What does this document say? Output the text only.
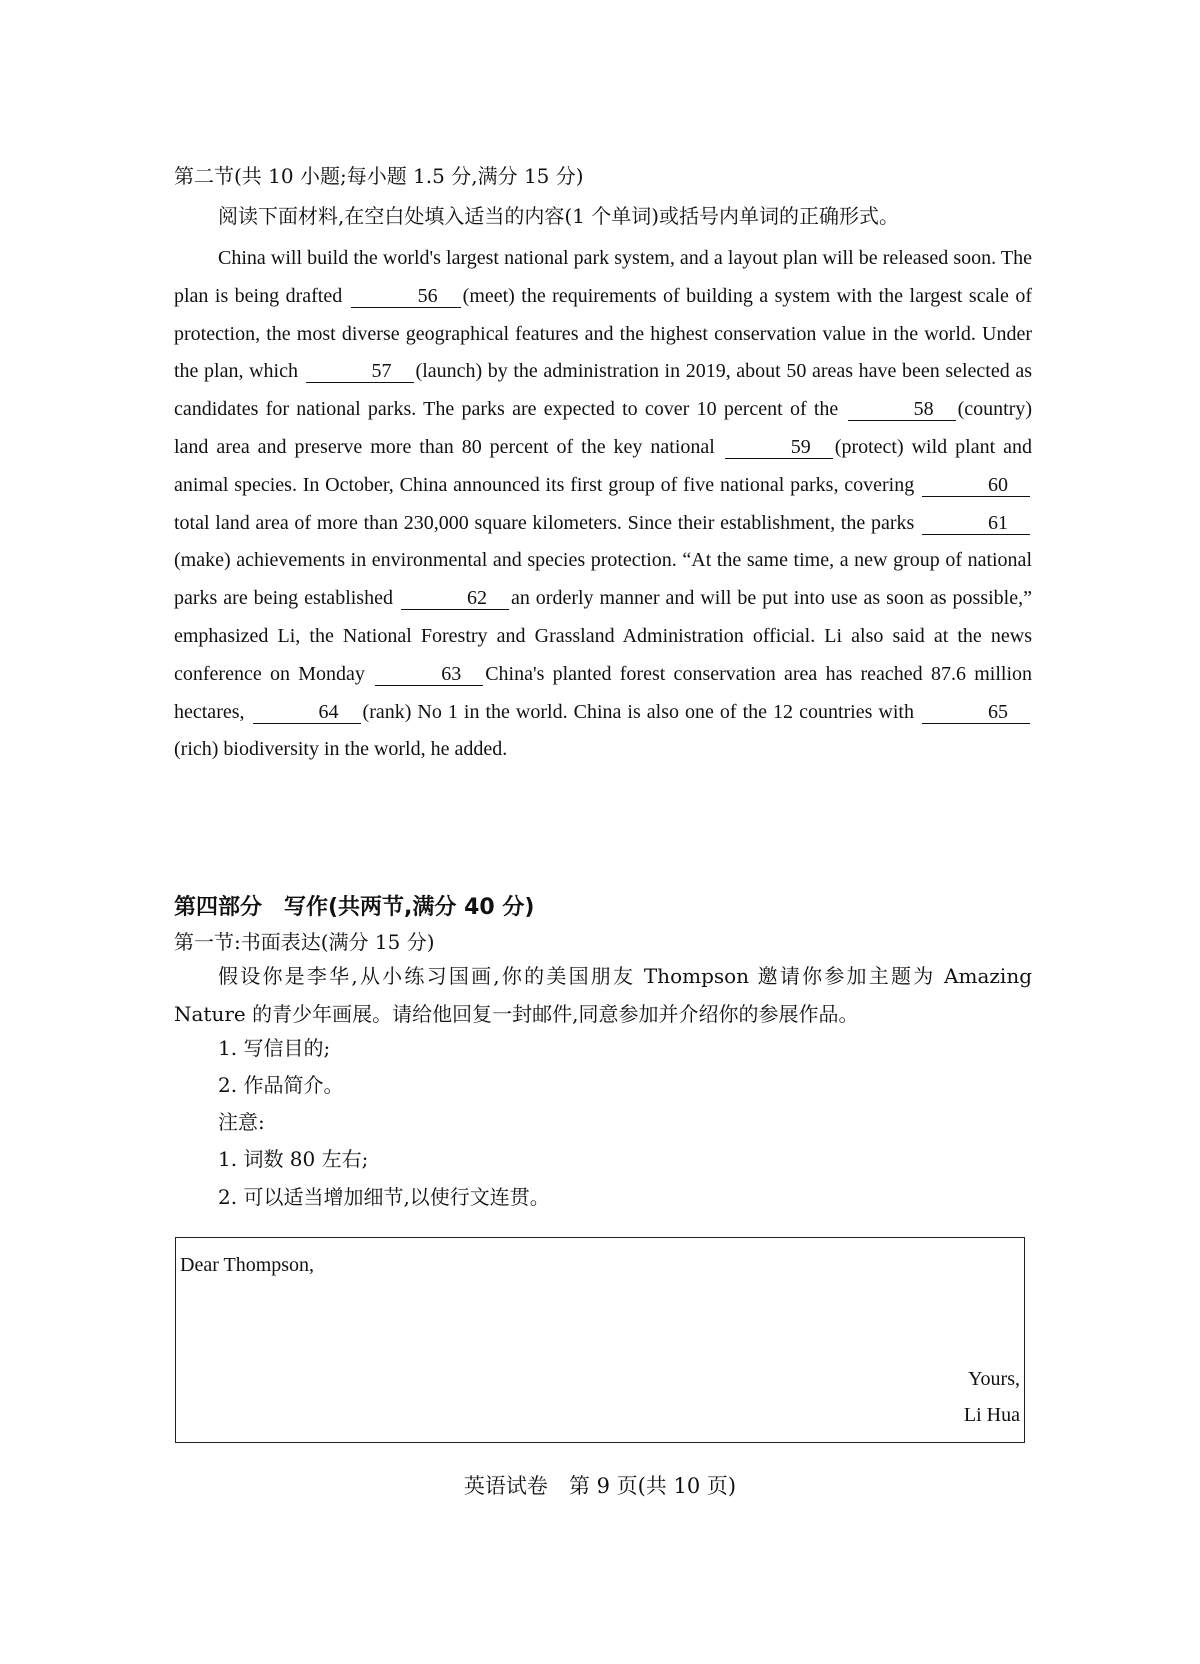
第二节(共 10 小题;每小题 1.5 分,满分 15 分)
阅读下面材料,在空白处填入适当的内容(1 个单词)或括号内单词的正确形式。

China will build the world's largest national park system, and a layout plan will be released soon. The plan is being drafted	56 (meet) the requirements of building a system with the largest scale of protection, the most diverse geographical features and the highest conservation value in the world. Under the plan, which	57 (launch) by the administration in 2019, about 50 areas have been selected as candidates for national parks. The parks are expected to cover 10 percent of the	58 (country) land area and preserve more than 80 percent of the key national	59 (protect) wild plant and animal species. In October, China announced its first group of five national parks, covering	60total land area of more than 230,000 square kilometers. Since their establishment, the parks	61(make) achievements in environmental and species protection. “At the same time, a new group of national parks are being established	62 an orderly manner and will be put into use as soon as possible,” emphasized Li, the National Forestry and Grassland Administration official. Li also said at the news conference on Monday	63 China's planted forest conservation area has reached 87.6 million hectares,	64 (rank) No 1 in the world. China is also one of the 12 countries with	65(rich) biodiversity in the world, he added.

第四部分　写作(共两节,满分 40 分)
第一节:书面表达(满分 15 分)

假设你是李华,从小练习国画,你的美国朋友 Thompson 邀请你参加主题为 Amazing Nature 的青少年画展。请给他回复一封邮件,同意参加并介绍你的参展作品。

1. 写信目的;
2. 作品简介。
注意:
1. 词数 80 左右;
2. 可以适当增加细节,以使行文连贯。
Dear Thompson,
Yours,
Li Hua
英语试卷　第 9 页(共 10 页)
